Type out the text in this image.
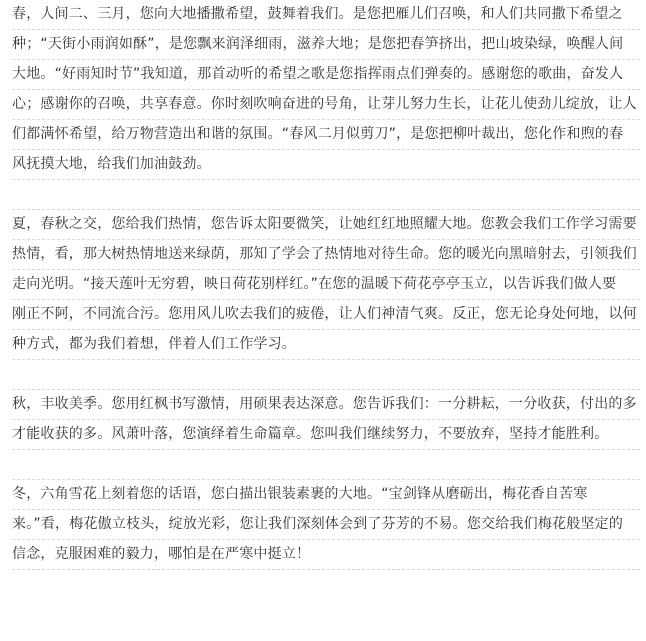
春，人间二、三月，您向大地播撒希望，鼓舞着我们。是您把雁儿们召唤，和人们共同撒下希望之
种；“天街小雨润如酥”，是您飘来润泽细雨，滋养大地；是您把春笋挤出，把山坡染绿，唤醒人间
大地。“好雨知时节”我知道，那首动听的希望之歌是您指挥雨点们弹奏的。感谢您的歌曲，奋发人
心；感谢你的召唤，共享春意。你时刻吹响奋进的号角，让芽儿努力生长，让花儿使劲儿绽放，让人
们都满怀希望，给万物营造出和谐的氛围。“春风二月似剪刀”，是您把柳叶裁出，您化作和煦的春
风抚摸大地，给我们加油鼓劲。
夏，春秋之交，您给我们热情，您告诉太阳要微笑，让她红红地照耀大地。您教会我们工作学习需要
热情，看，那大树热情地送来绿荫，那知了学会了热情地对待生命。您的暖光向黑暗射去，引领我们
走向光明。“接天莲叶无穷碧，映日荷花别样红。”在您的温暖下荷花亭亭玉立，以告诉我们做人要
刚正不阿，不同流合污。您用风儿吹去我们的疲倦，让人们神清气爽。反正，您无论身处何地，以何
种方式，都为我们着想，伴着人们工作学习。
秋，丰收美季。您用红枫书写激情，用硕果表达深意。您告诉我们：一分耕耘，一分收获，付出的多
才能收获的多。风萧叶落，您演绎着生命篇章。您叫我们继续努力，不要放弃，坚持才能胜利。
冬，六角雪花上刻着您的话语，您白描出银装素裹的大地。“宝剑锋从磨砺出，梅花香自苦寒
来。”看，梅花傲立枝头，绽放光彩，您让我们深刻体会到了芬芳的不易。您交给我们梅花般坚定的
信念，克服困难的毅力，哪怕是在严寒中挺立！
